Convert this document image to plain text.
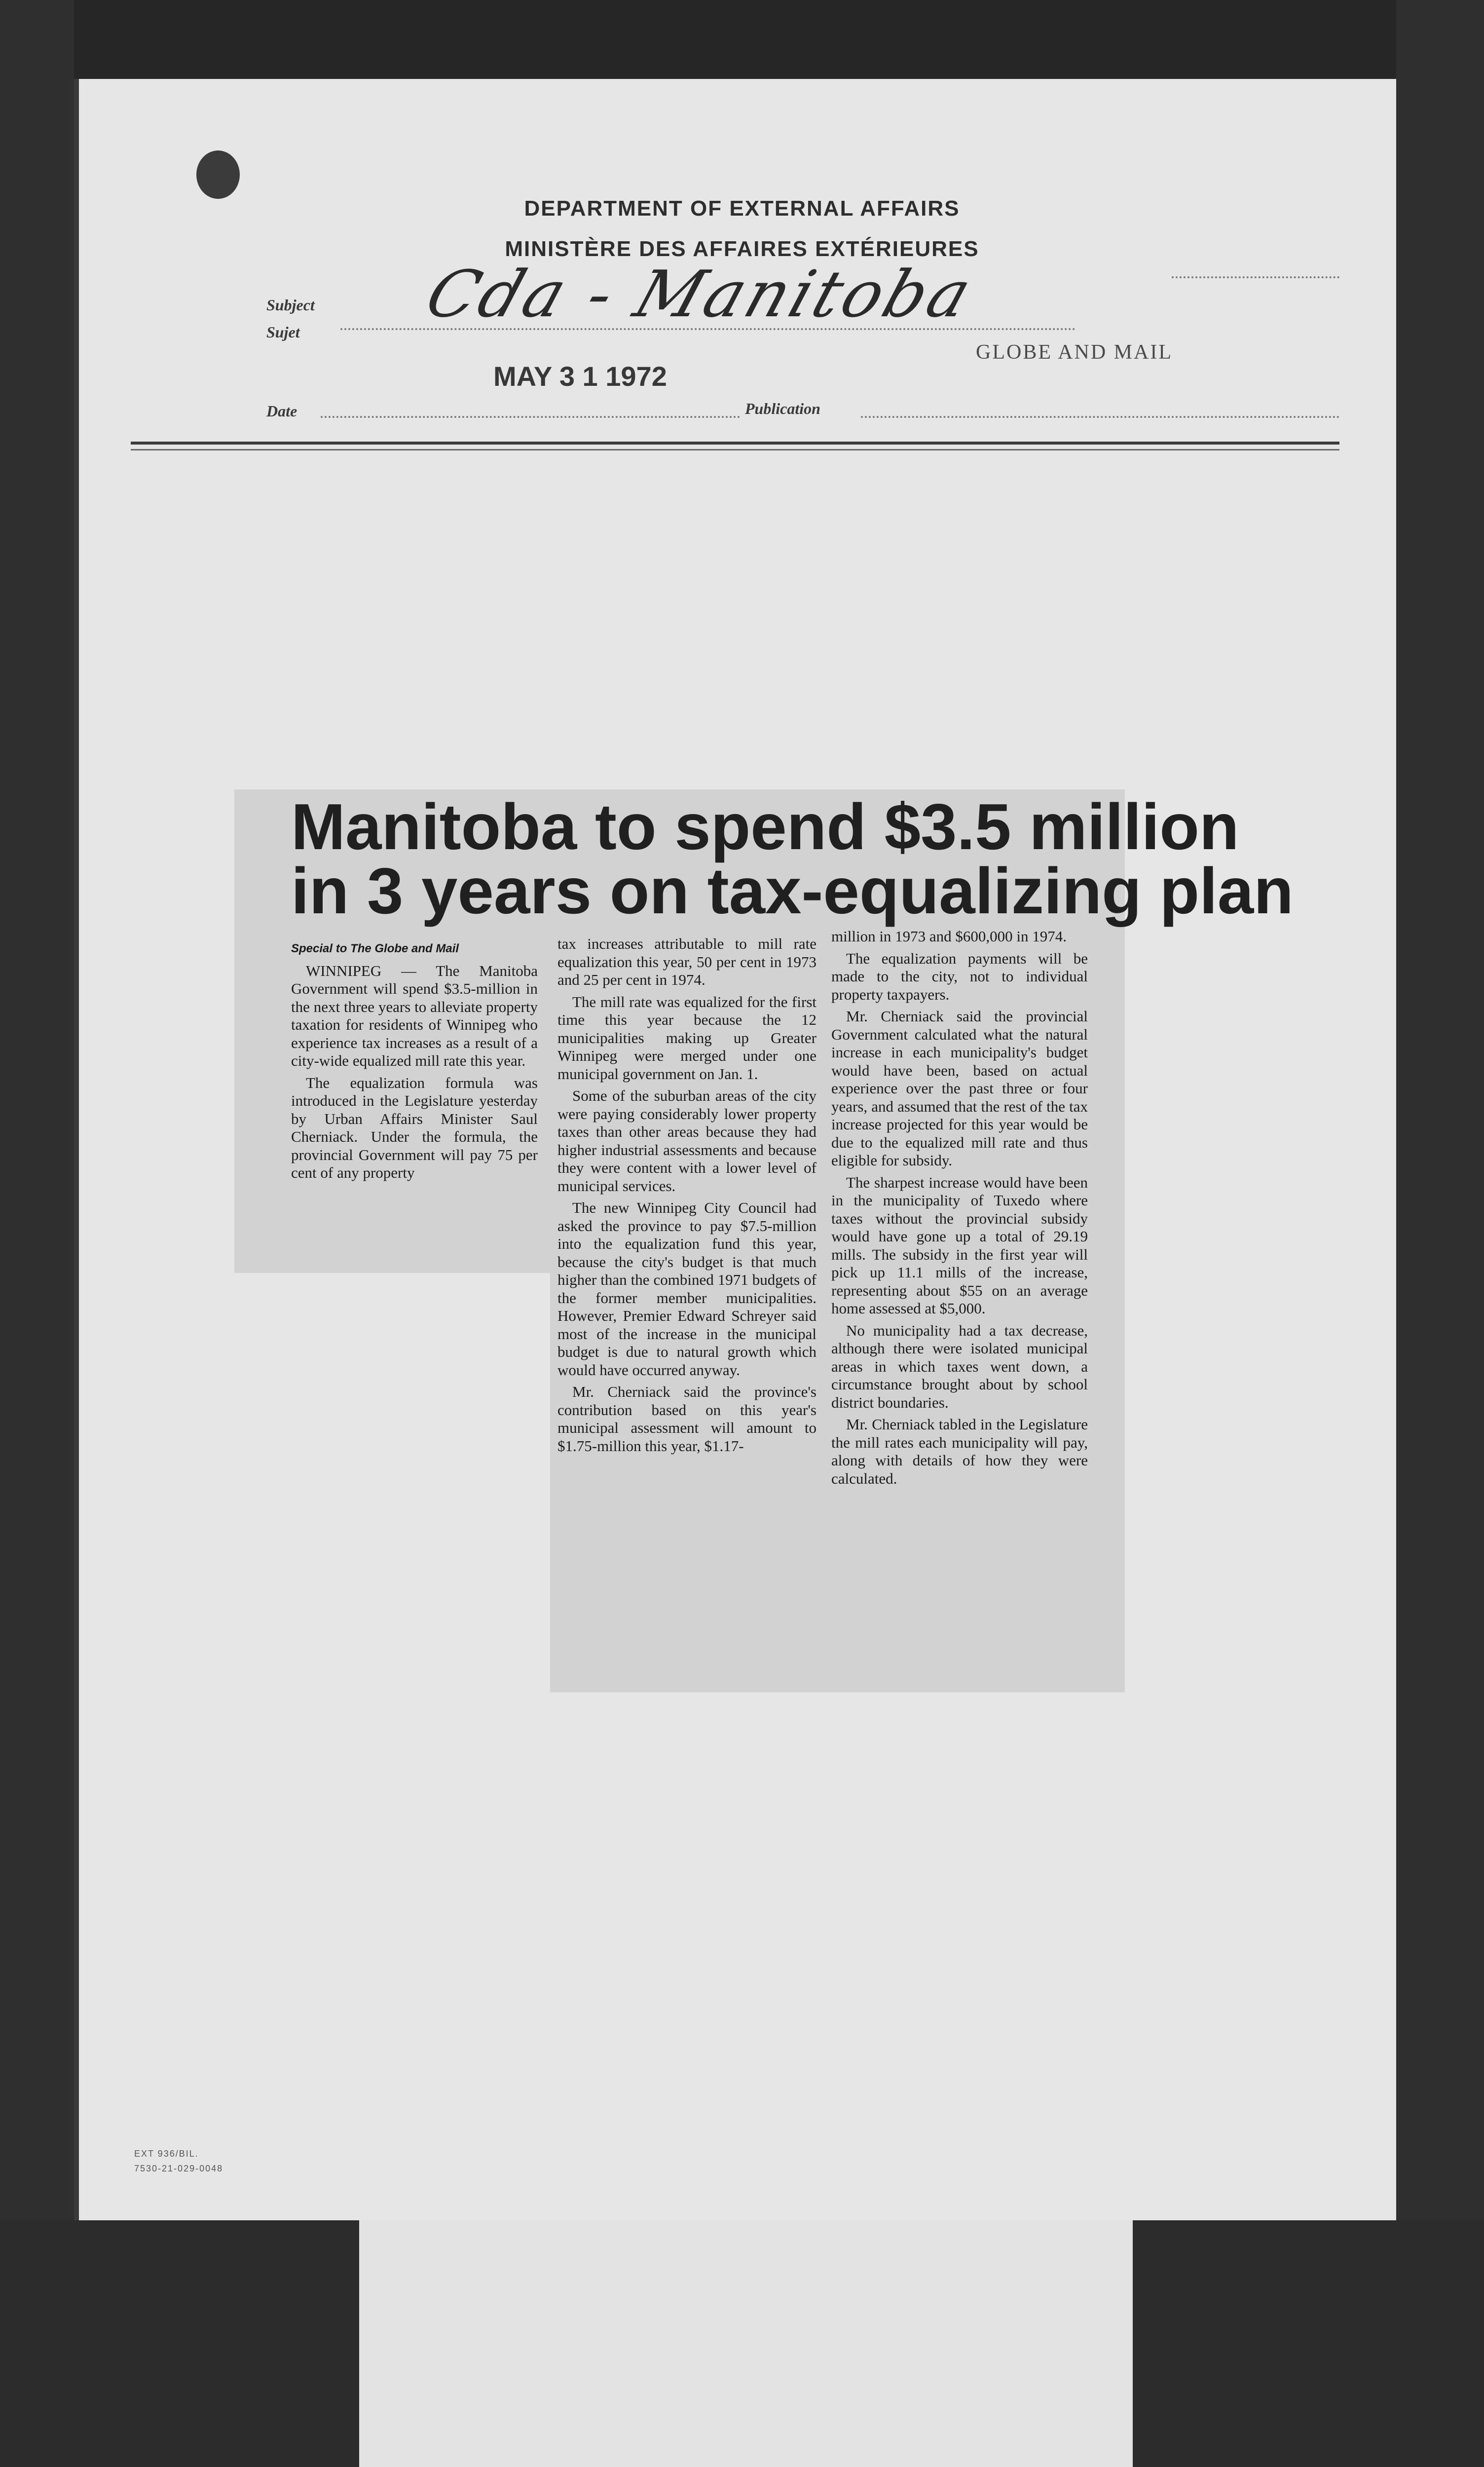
DEPARTMENT OF EXTERNAL AFFAIRS
MINISTÈRE DES AFFAIRES EXTÉRIEURES
Subject
Sujet
Cda - Manitoba
MAY 3 1 1972
GLOBE AND MAIL
Date	Publication
Manitoba to spend $3.5 million
in 3 years on tax-equalizing plan

Special to The Globe and Mail

WINNIPEG — The Manitoba Government will spend $3.5-million in the next three years to alleviate property taxation for residents of Winnipeg who experience tax increases as a result of a city-wide equalized mill rate this year.

The equalization formula was introduced in the Legislature yesterday by Urban Affairs Minister Saul Cherniack. Under the formula, the provincial Government will pay 75 per cent of any property

tax increases attributable to mill rate equalization this year, 50 per cent in 1973 and 25 per cent in 1974.

The mill rate was equalized for the first time this year because the 12 municipalities making up Greater Winnipeg were merged under one municipal government on Jan. 1.

Some of the suburban areas of the city were paying considerably lower property taxes than other areas because they had higher industrial assessments and because they were content with a lower level of municipal services.

The new Winnipeg City Council had asked the province to pay $7.5-million into the equalization fund this year, because the city's budget is that much higher than the combined 1971 budgets of the former member municipalities. However, Premier Edward Schreyer said most of the increase in the municipal budget is due to natural growth which would have occurred anyway.

Mr. Cherniack said the province's contribution based on this year's municipal assessment will amount to $1.75-million this year, $1.17-

million in 1973 and $600,000 in 1974.

The equalization payments will be made to the city, not to individual property taxpayers.

Mr. Cherniack said the provincial Government calculated what the natural increase in each municipality's budget would have been, based on actual experience over the past three or four years, and assumed that the rest of the tax increase projected for this year would be due to the equalized mill rate and thus eligible for subsidy.

The sharpest increase would have been in the municipality of Tuxedo where taxes without the provincial subsidy would have gone up a total of 29.19 mills. The subsidy in the first year will pick up 11.1 mills of the increase, representing about $55 on an average home assessed at $5,000.

No municipality had a tax decrease, although there were isolated municipal areas in which taxes went down, a circumstance brought about by school district boundaries.

Mr. Cherniack tabled in the Legislature the mill rates each municipality will pay, along with details of how they were calculated.

EXT 936/BIL.
7530-21-029-0048
